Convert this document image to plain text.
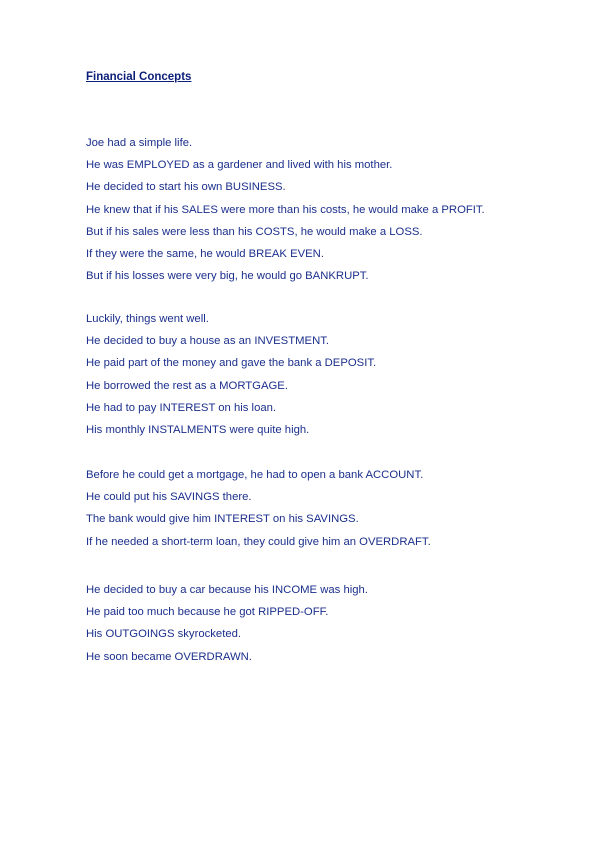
Financial Concepts
Joe had a simple life.
He was EMPLOYED as a gardener and lived with his mother.
He decided to start his own BUSINESS.
He knew that if his SALES were more than his costs, he would make a PROFIT.
But if his sales were less than his COSTS, he would make a LOSS.
If they were the same, he would BREAK EVEN.
But if his losses were very big, he would go BANKRUPT.
Luckily, things went well.
He decided to buy a house as an INVESTMENT.
He paid part of the money and gave the bank a DEPOSIT.
He borrowed the rest as a MORTGAGE.
He had to pay INTEREST on his loan.
His monthly INSTALMENTS were quite high.
Before he could get a mortgage, he had to open a bank ACCOUNT.
He could put his SAVINGS there.
The bank would give him INTEREST on his SAVINGS.
If he needed a short-term loan, they could give him an OVERDRAFT.
He decided to buy a car because his INCOME was high.
He paid too much because he got RIPPED-OFF.
His OUTGOINGS skyrocketed.
He soon became OVERDRAWN.
